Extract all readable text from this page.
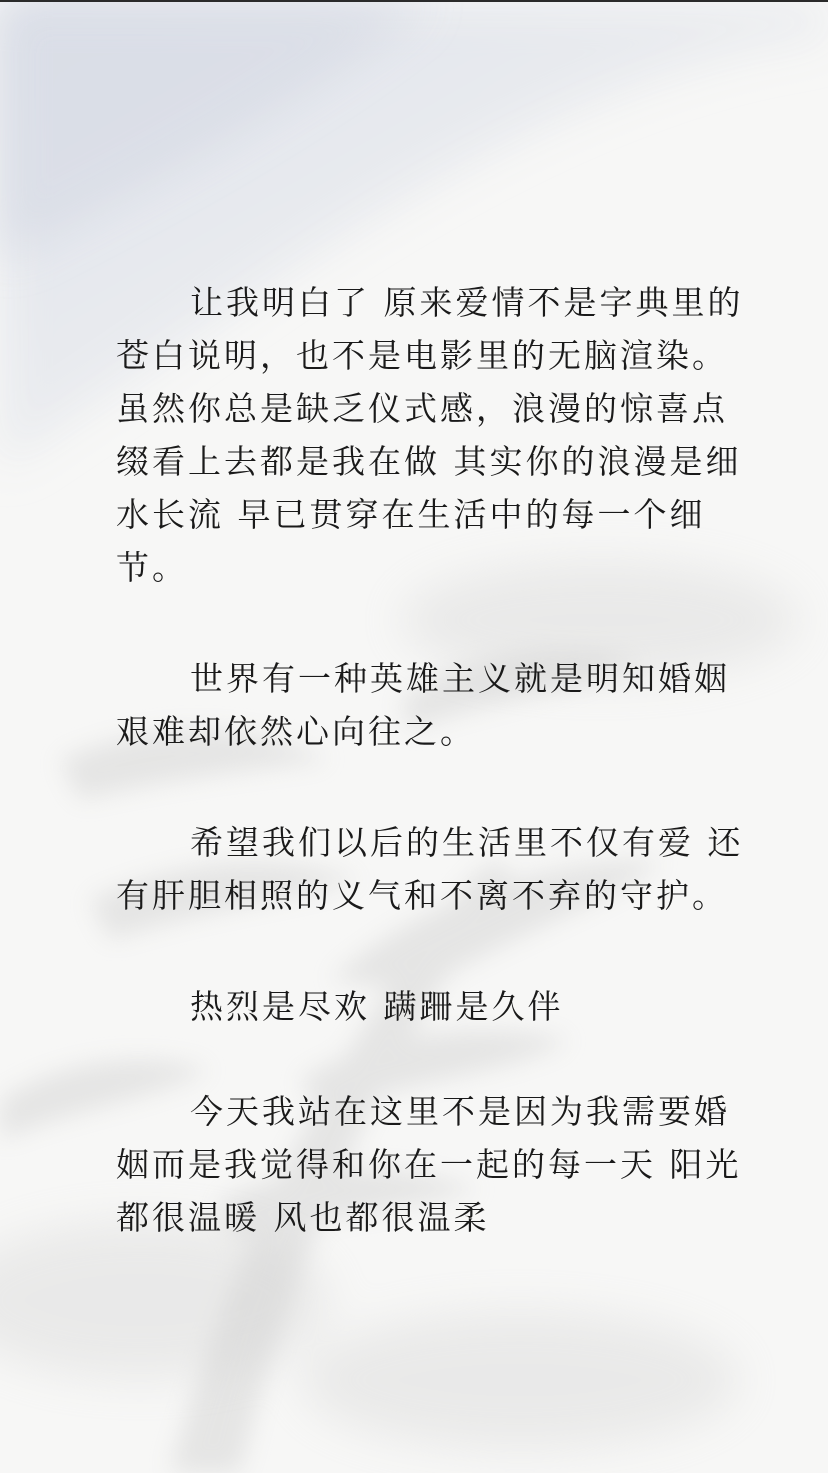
让我明白了 原来爱情不是字典里的苍白说明，也不是电影里的无脑渲染。虽然你总是缺乏仪式感，浪漫的惊喜点缀看上去都是我在做 其实你的浪漫是细水长流 早已贯穿在生活中的每一个细节。

世界有一种英雄主义就是明知婚姻艰难却依然心向往之。

希望我们以后的生活里不仅有爱 还有肝胆相照的义气和不离不弃的守护。

热烈是尽欢 蹒跚是久伴

今天我站在这里不是因为我需要婚姻而是我觉得和你在一起的每一天 阳光都很温暖 风也都很温柔
